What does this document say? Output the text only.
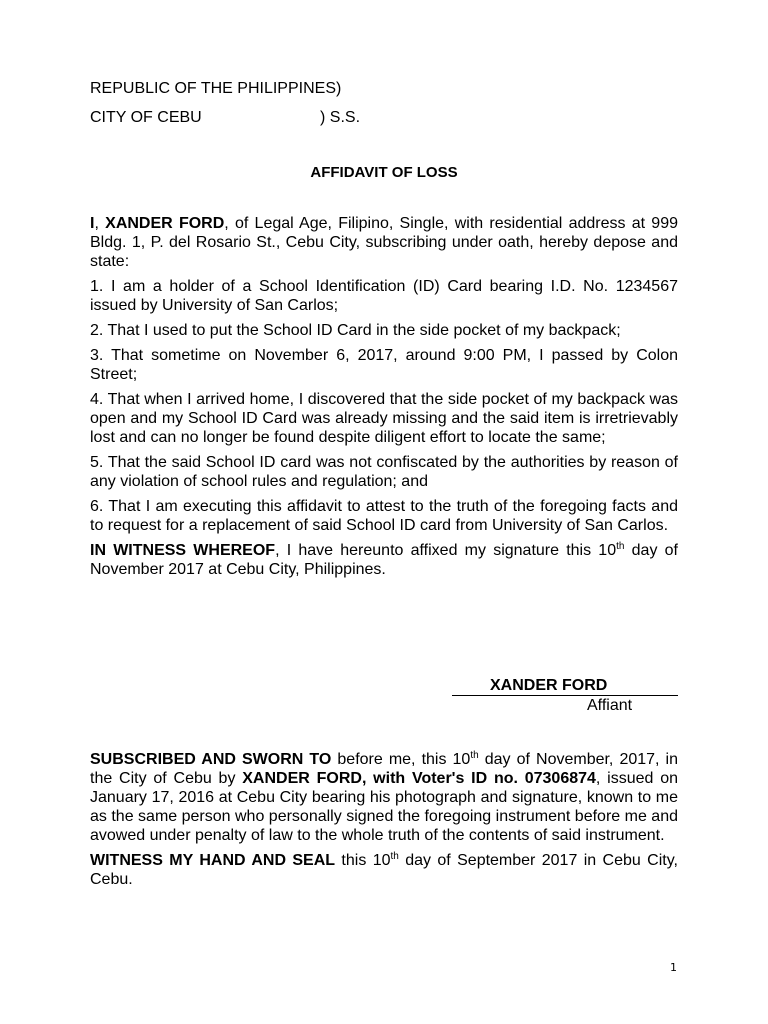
REPUBLIC OF THE PHILIPPINES)
CITY OF CEBU	) S.S.
AFFIDAVIT OF LOSS

I, XANDER FORD, of Legal Age, Filipino, Single, with residential address at 999 Bldg. 1, P. del Rosario St., Cebu City, subscribing under oath, hereby depose and state:

1. I am a holder of a School Identification (ID) Card bearing I.D. No. 1234567 issued by University of San Carlos;

2. That I used to put the School ID Card in the side pocket of my backpack;

3. That sometime on November 6, 2017, around 9:00 PM, I passed by Colon Street;

4. That when I arrived home, I discovered that the side pocket of my backpack was open and my School ID Card was already missing and the said item is irretrievably lost and can no longer be found despite diligent effort to locate the same;

5. That the said School ID card was not confiscated by the authorities by reason of any violation of school rules and regulation; and

6. That I am executing this affidavit to attest to the truth of the foregoing facts and to request for a replacement of said School ID card from University of San Carlos.

IN WITNESS WHEREOF, I have hereunto affixed my signature this 10th day of November 2017 at Cebu City, Philippines.

XANDER FORD
Affiant

SUBSCRIBED AND SWORN TO before me, this 10th day of November, 2017, in the City of Cebu by XANDER FORD, with Voter's ID no. 07306874, issued on January 17, 2016 at Cebu City bearing his photograph and signature, known to me as the same person who personally signed the foregoing instrument before me and avowed under penalty of law to the whole truth of the contents of said instrument.

WITNESS MY HAND AND SEAL this 10th day of September 2017 in Cebu City, Cebu.

1
